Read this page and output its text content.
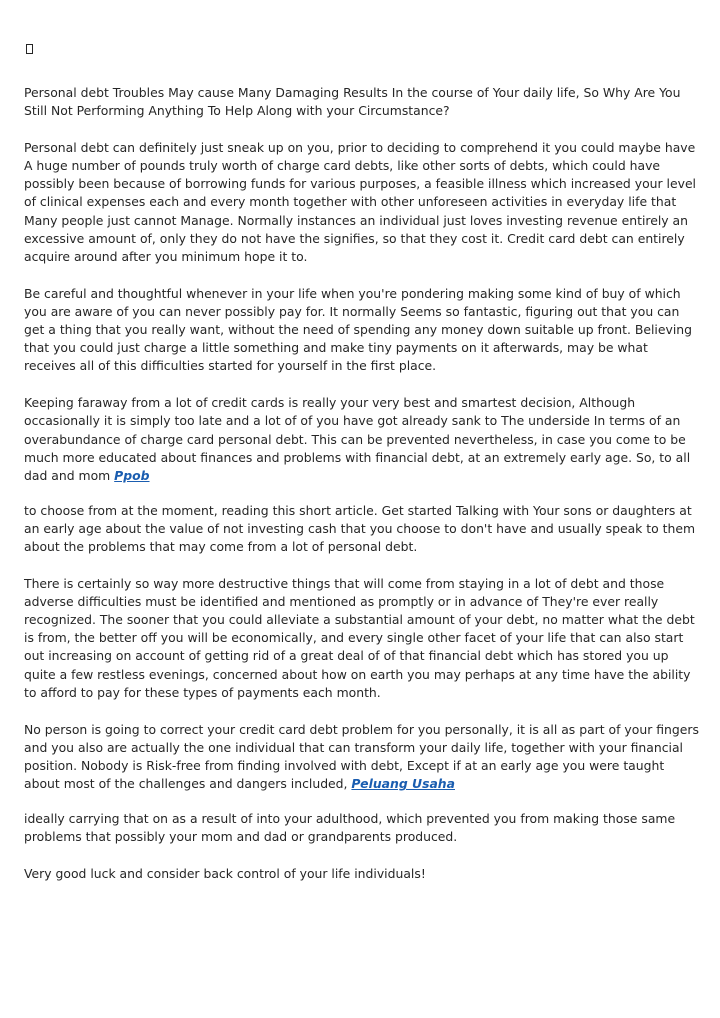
Personal debt Troubles May cause Many Damaging Results In the course of Your daily life, So Why Are You Still Not Performing Anything To Help Along with your Circumstance?

Personal debt can definitely just sneak up on you, prior to deciding to comprehend it you could maybe have A huge number of pounds truly worth of charge card debts, like other sorts of debts, which could have possibly been because of borrowing funds for various purposes, a feasible illness which increased your level of clinical expenses each and every month together with other unforeseen activities in everyday life that Many people just cannot Manage. Normally instances an individual just loves investing revenue entirely an excessive amount of, only they do not have the signifies, so that they cost it. Credit card debt can entirely acquire around after you minimum hope it to.

Be careful and thoughtful whenever in your life when you're pondering making some kind of buy of which you are aware of you can never possibly pay for. It normally Seems so fantastic, figuring out that you can get a thing that you really want, without the need of spending any money down suitable up front. Believing that you could just charge a little something and make tiny payments on it afterwards, may be what receives all of this difficulties started for yourself in the first place.

Keeping faraway from a lot of credit cards is really your very best and smartest decision, Although occasionally it is simply too late and a lot of of you have got already sank to The underside In terms of an overabundance of charge card personal debt. This can be prevented nevertheless, in case you come to be much more educated about finances and problems with financial debt, at an extremely early age. So, to all dad and mom Ppob

to choose from at the moment, reading this short article. Get started Talking with Your sons or daughters at an early age about the value of not investing cash that you choose to don't have and usually speak to them about the problems that may come from a lot of personal debt.

There is certainly so way more destructive things that will come from staying in a lot of debt and those adverse difficulties must be identified and mentioned as promptly or in advance of They're ever really recognized. The sooner that you could alleviate a substantial amount of your debt, no matter what the debt is from, the better off you will be economically, and every single other facet of your life that can also start out increasing on account of getting rid of a great deal of of that financial debt which has stored you up quite a few restless evenings, concerned about how on earth you may perhaps at any time have the ability to afford to pay for these types of payments each month.

No person is going to correct your credit card debt problem for you personally, it is all as part of your fingers and you also are actually the one individual that can transform your daily life, together with your financial position. Nobody is Risk-free from finding involved with debt, Except if at an early age you were taught about most of the challenges and dangers included, Peluang Usaha

ideally carrying that on as a result of into your adulthood, which prevented you from making those same problems that possibly your mom and dad or grandparents produced.

Very good luck and consider back control of your life individuals!
